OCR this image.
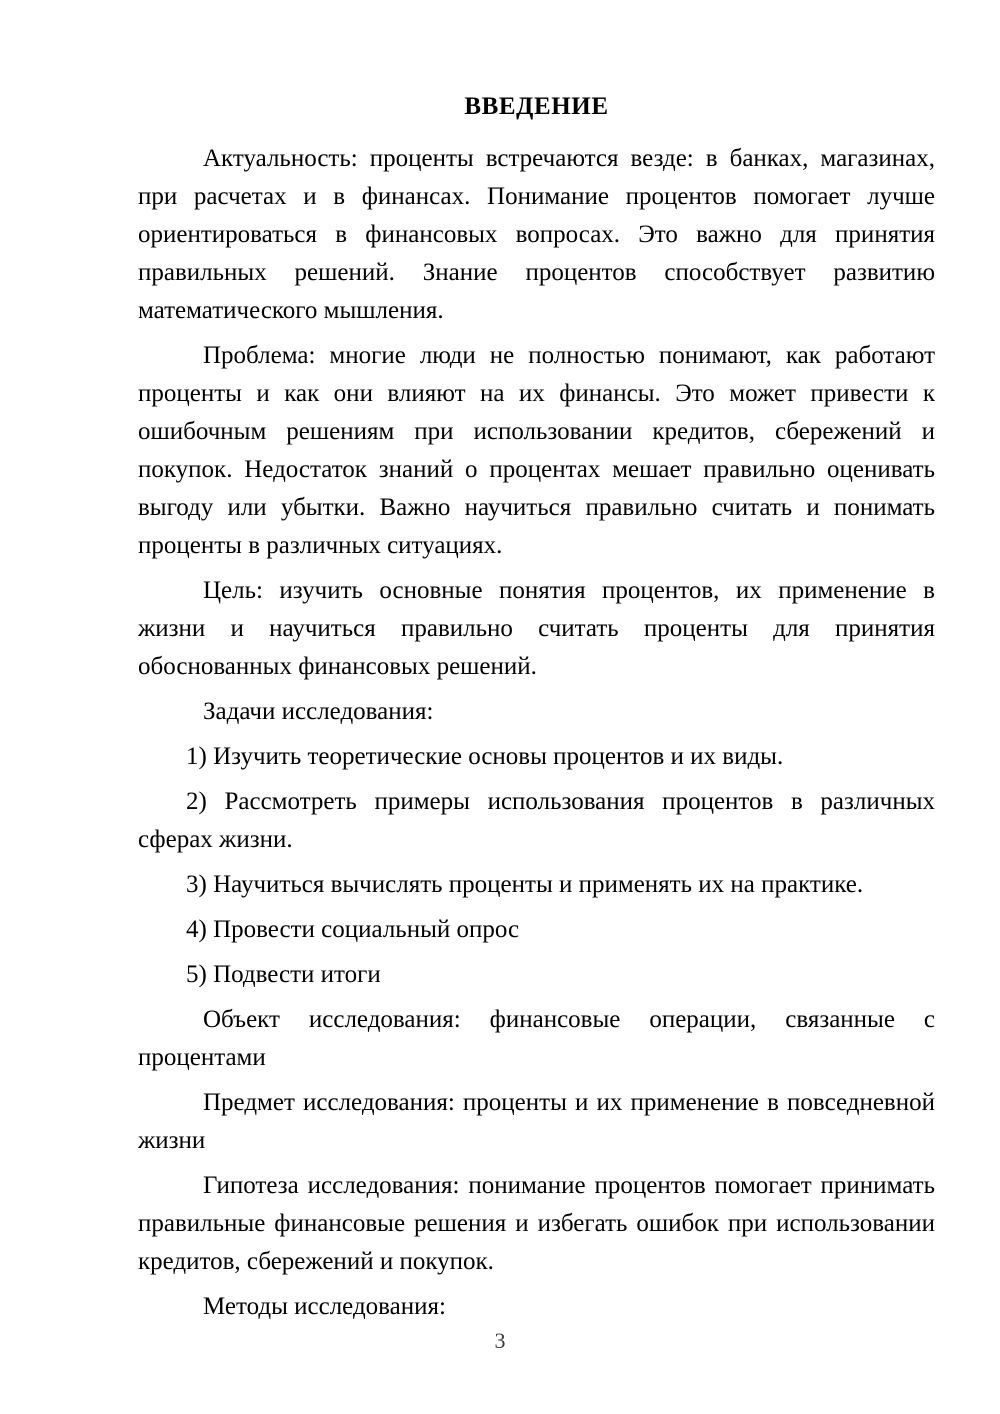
ВВЕДЕНИЕ

Актуальность: проценты встречаются везде: в банках, магазинах, при расчетах и в финансах. Понимание процентов помогает лучше ориентироваться в финансовых вопросах. Это важно для принятия правильных решений. Знание процентов способствует развитию математического мышления.

Проблема: многие люди не полностью понимают, как работают проценты и как они влияют на их финансы. Это может привести к ошибочным решениям при использовании кредитов, сбережений и покупок. Недостаток знаний о процентах мешает правильно оценивать выгоду или убытки. Важно научиться правильно считать и понимать проценты в различных ситуациях.

Цель: изучить основные понятия процентов, их применение в жизни и научиться правильно считать проценты для принятия обоснованных финансовых решений.

Задачи исследования:

1) Изучить теоретические основы процентов и их виды.

2) Рассмотреть примеры использования процентов в различных сферах жизни.

3) Научиться вычислять проценты и применять их на практике.

4) Провести социальный опрос

5) Подвести итоги

Объект исследования: финансовые операции, связанные с процентами

Предмет исследования: проценты и их применение в повседневной жизни

Гипотеза исследования: понимание процентов помогает принимать правильные финансовые решения и избегать ошибок при использовании кредитов, сбережений и покупок.

Методы исследования:

3
